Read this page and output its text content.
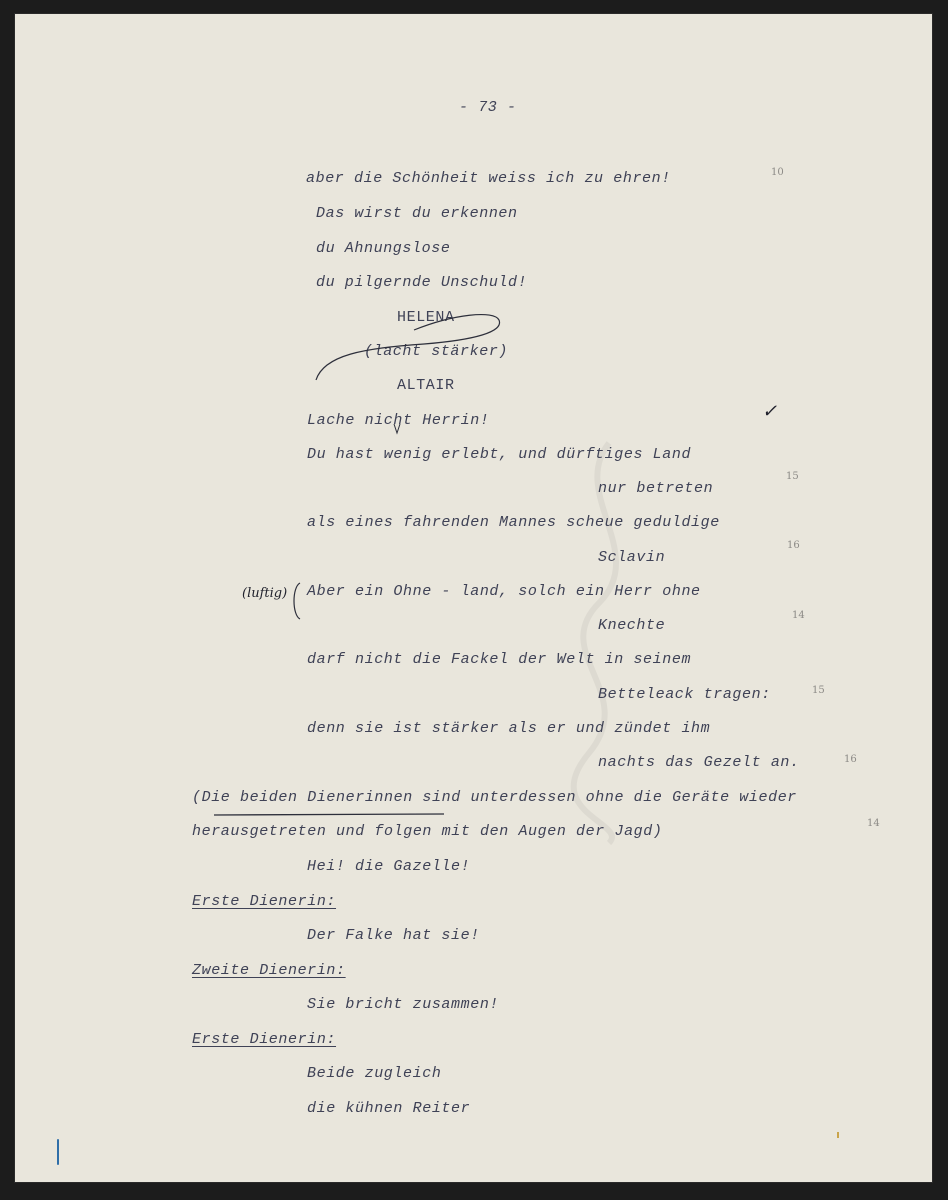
- 73 -
aber die Schönheit weiss ich zu ehren!
Das wirst du erkennen
du Ahnungslose
du pilgernde Unschuld!
HELENA
(lacht stärker)
ALTAIR
Lache nicht Herrin!
Du hast wenig erlebt, und dürftiges Land
nur betreten
als eines fahrenden Mannes scheue geduldige
Sclavin
Aber ein Ohne - land, solch ein Herr ohne
Knechte
darf nicht die Fackel der Welt in seinem
Betteleack tragen:
denn sie ist stärker als er und zündet ihm
nachts das Gezelt an.
(Die beiden Dienerinnen sind unterdessen ohne die Geräte wieder
herausgetreten und folgen mit den Augen der Jagd)
Hei! die Gazelle!
Erste Dienerin:
Der Falke hat sie!
Zweite Dienerin:
Sie bricht zusammen!
Erste Dienerin:
Beide zugleich
die kühnen Reiter
10
15
16
14
15
16
14
✓
(luftig)
